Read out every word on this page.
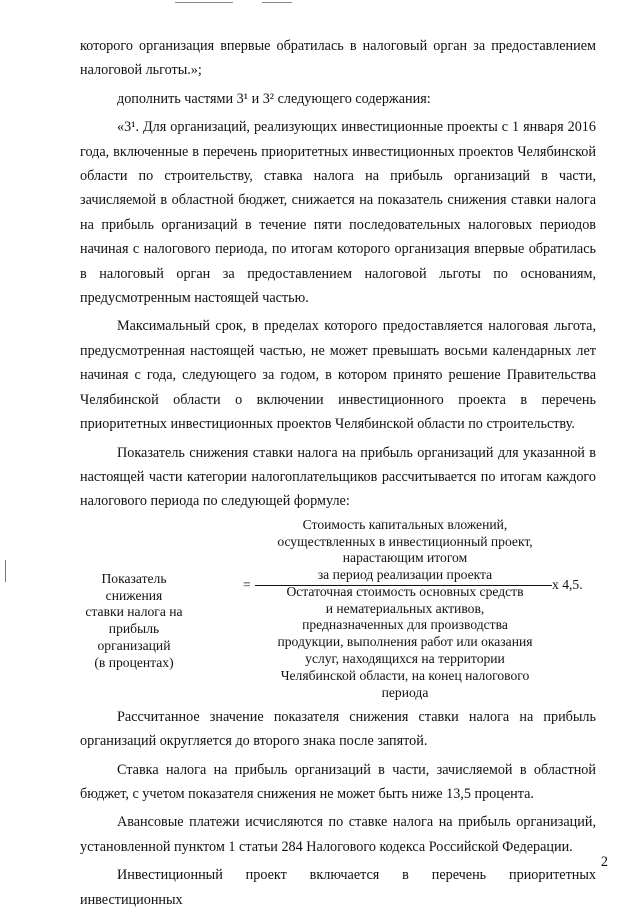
которого организация впервые обратилась в налоговый орган за предоставлением налоговой льготы.»;

дополнить частями 3¹ и 3² следующего содержания:

«3¹. Для организаций, реализующих инвестиционные проекты с 1 января 2016 года, включенные в перечень приоритетных инвестиционных проектов Челябинской области по строительству, ставка налога на прибыль организаций в части, зачисляемой в областной бюджет, снижается на показатель снижения ставки налога на прибыль организаций в течение пяти последовательных налоговых периодов начиная с налогового периода, по итогам которого организация впервые обратилась в налоговый орган за предоставлением налоговой льготы по основаниям, предусмотренным настоящей частью.

Максимальный срок, в пределах которого предоставляется налоговая льгота, предусмотренная настоящей частью, не может превышать восьми календарных лет начиная с года, следующего за годом, в котором принято решение Правительства Челябинской области о включении инвестиционного проекта в перечень приоритетных инвестиционных проектов Челябинской области по строительству.

Показатель снижения ставки налога на прибыль организаций для указанной в настоящей части категории налогоплательщиков рассчитывается по итогам каждого налогового периода по следующей формуле:

Показатель снижения
ставки налога на
прибыль организаций
(в процентах)
=
Стоимость капитальных вложений,
осуществленных в инвестиционный проект,
нарастающим итогом
за период реализации проекта
Остаточная стоимость основных средств
и нематериальных активов,
предназначенных для производства
продукции, выполнения работ или оказания
услуг, находящихся на территории
Челябинской области, на конец налогового
периода
х 4,5.

Рассчитанное значение показателя снижения ставки налога на прибыль организаций округляется до второго знака после запятой.

Ставка налога на прибыль организаций в части, зачисляемой в областной бюджет, с учетом показателя снижения не может быть ниже 13,5 процента.

Авансовые платежи исчисляются по ставке налога на прибыль организаций, установленной пунктом 1 статьи 284 Налогового кодекса Российской Федерации.

Инвестиционный проект включается в перечень приоритетных инвестиционных

2
